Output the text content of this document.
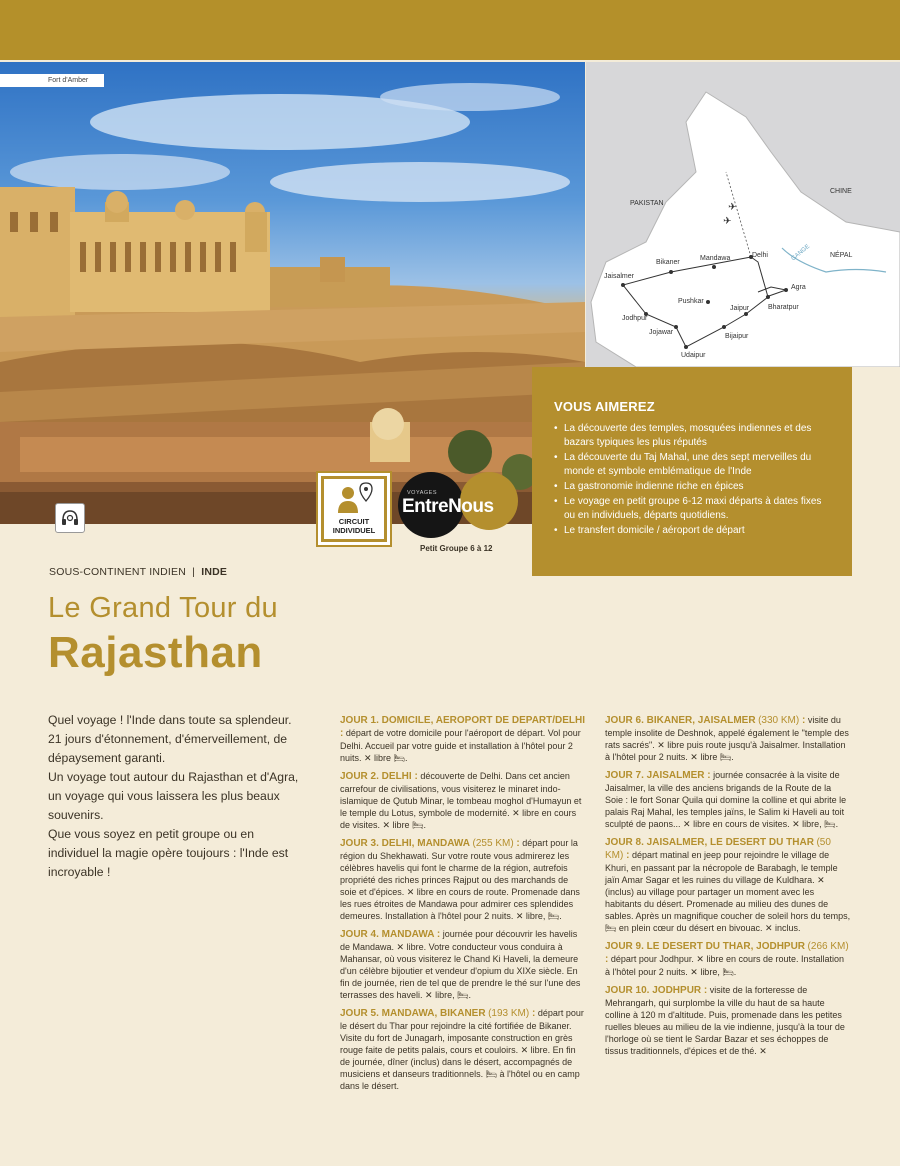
Fort d'Amber
✈
✈
PAKISTAN
CHINE
NÉPAL
GANGE
Bikaner
Mandawa	Delhi
Jaisalmer
Agra
Pushkar
Jaipur	Bharatpur
Jodhpur
Jojawar
Bijaipur
Udaipur
VOUS AIMEREZ
• La découverte des temples, mosquées indiennes et des bazars typiques les plus réputés
• La découverte du Taj Mahal, une des sept merveilles du monde et symbole emblématique de l'Inde
• La gastronomie indienne riche en épices
• Le voyage en petit groupe 6-12 maxi départs à dates fixes ou en individuels, départs quotidiens.
• Le transfert domicile / aéroport de départ
CIRCUIT
INDIVIDUEL
VOYAGES
EntreNous
Petit Groupe 6 à 12
SOUS-CONTINENT INDIEN | INDE
Le Grand Tour du
Rajasthan

Quel voyage ! l'Inde dans toute sa splendeur. 21 jours d'étonnement, d'émerveillement, de dépaysement garanti.

Un voyage tout autour du Rajasthan et d'Agra, un voyage qui vous laissera les plus beaux souvenirs.

Que vous soyez en petit groupe ou en individuel la magie opère toujours : l'Inde est incroyable !

JOUR 1. DOMICILE, AEROPORT DE DEPART/DELHI : départ de votre domicile pour l'aéroport de départ. Vol pour Delhi. Accueil par votre guide et installation à l'hôtel pour 2 nuits. ✕ libre 🛏.
JOUR 2. DELHI : découverte de Delhi. Dans cet ancien carrefour de civilisations, vous visiterez le minaret indo-islamique de Qutub Minar, le tombeau moghol d'Humayun et le temple du Lotus, symbole de modernité. ✕ libre en cours de visites. ✕ libre 🛏.
JOUR 3. DELHI, MANDAWA (255 KM) : départ pour la région du Shekhawati. Sur votre route vous admirerez les célèbres havelis qui font le charme de la région, autrefois propriété des riches princes Rajput ou des marchands de soie et d'épices. ✕ libre en cours de route. Promenade dans les rues étroites de Mandawa pour admirer ces splendides demeures. Installation à l'hôtel pour 2 nuits. ✕ libre, 🛏.
JOUR 4. MANDAWA : journée pour découvrir les havelis de Mandawa. ✕ libre. Votre conducteur vous conduira à Mahansar, où vous visiterez le Chand Ki Haveli, la demeure d'un célèbre bijoutier et vendeur d'opium du XIXe siècle. En fin de journée, rien de tel que de prendre le thé sur l'une des terrasses des haveli. ✕ libre, 🛏.
JOUR 5. MANDAWA, BIKANER (193 KM) : départ pour le désert du Thar pour rejoindre la cité fortifiée de Bikaner. Visite du fort de Junagarh, imposante construction en grès rouge faite de petits palais, cours et couloirs. ✕ libre. En fin de journée, dîner (inclus) dans le désert, accompagnés de musiciens et danseurs traditionnels. 🛏 à l'hôtel ou en camp dans le désert.
JOUR 6. BIKANER, JAISALMER (330 KM) : visite du temple insolite de Deshnok, appelé également le "temple des rats sacrés". ✕ libre puis route jusqu'à Jaisalmer. Installation à l'hôtel pour 2 nuits. ✕ libre 🛏.
JOUR 7. JAISALMER : journée consacrée à la visite de Jaisalmer, la ville des anciens brigands de la Route de la Soie : le fort Sonar Quila qui domine la colline et qui abrite le palais Raj Mahal, les temples jaïns, le Salim ki Haveli au toit sculpté de paons... ✕ libre en cours de visites. ✕ libre, 🛏.
JOUR 8. JAISALMER, LE DESERT DU THAR (50 KM) : départ matinal en jeep pour rejoindre le village de Khuri, en passant par la nécropole de Barabagh, le temple jaïn Amar Sagar et les ruines du village de Kuldhara. ✕ (inclus) au village pour partager un moment avec les habitants du désert. Promenade au milieu des dunes de sables. Après un magnifique coucher de soleil hors du temps, 🛏 en plein cœur du désert en bivouac. ✕ inclus.
JOUR 9. LE DESERT DU THAR, JODHPUR (266 KM) : départ pour Jodhpur. ✕ libre en cours de route. Installation à l'hôtel pour 2 nuits. ✕ libre, 🛏.
JOUR 10. JODHPUR : visite de la forteresse de Mehrangarh, qui surplombe la ville du haut de sa haute colline à 120 m d'altitude. Puis, promenade dans les petites ruelles bleues au milieu de la vie indienne, jusqu'à la tour de l'horloge où se tient le Sardar Bazar et ses échoppes de tissus traditionnels, d'épices et de thé. ✕
